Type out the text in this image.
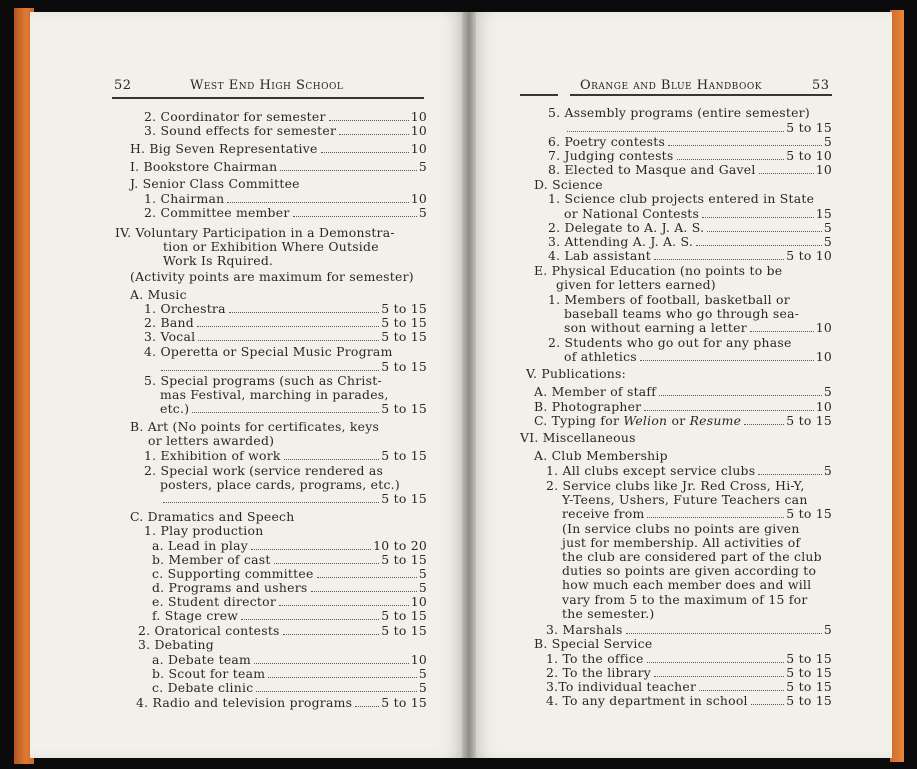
52	West End High School	Orange and Blue Handbook	53
2. Coordinator for semester	10
3. Sound effects for semester	10
H. Big Seven Representative	10
I. Bookstore Chairman	5
J. Senior Class Committee
1. Chairman	10
2. Committee member	5
IV. Voluntary Participation in a Demonstra-
tion or Exhibition Where Outside
Work Is Rquired.
(Activity points are maximum for semester)
A. Music
1. Orchestra	5 to 15
2. Band	5 to 15
3. Vocal	5 to 15
4. Operetta or Special Music Program
5 to 15
5. Special programs (such as Christ-
mas Festival, marching in parades,
etc.)	5 to 15
B. Art (No points for certificates, keys
or letters awarded)
1. Exhibition of work	5 to 15
2. Special work (service rendered as
posters, place cards, programs, etc.)
5 to 15
C. Dramatics and Speech
1. Play production
a. Lead in play	10 to 20
b. Member of cast	5 to 15
c. Supporting committee	5
d. Programs and ushers	5
e. Student director	10
f. Stage crew	5 to 15
2. Oratorical contests	5 to 15
3. Debating
a. Debate team	10
b. Scout for team	5
c. Debate clinic	5
4. Radio and television programs 5 to 15
5. Assembly programs (entire semester)
5 to 15
6. Poetry contests	5
7. Judging contests	5 to 10
8. Elected to Masque and Gavel	10
D. Science
1. Science club projects entered in State
or National Contests	15
2. Delegate to A. J. A. S.	5
3. Attending A. J. A. S.	5
4. Lab assistant	5 to 10
E. Physical Education (no points to be
given for letters earned)
1. Members of football, basketball or
baseball teams who go through sea-
son without earning a letter	10
2. Students who go out for any phase
of athletics	10
V. Publications:
A. Member of staff	5
B. Photographer	10
C. Typing for Welion or Resume	5 to 15
VI. Miscellaneous
A. Club Membership
1. All clubs except service clubs	5
2. Service clubs like Jr. Red Cross, Hi-Y,
Y-Teens, Ushers, Future Teachers can
receive from	5 to 15
(In service clubs no points are given
just for membership. All activities of
the club are considered part of the club
duties so points are given according to
how much each member does and will
vary from 5 to the maximum of 15 for
the semester.)
3. Marshals	5
B. Special Service
1. To the office	5 to 15
2. To the library	5 to 15
3.To individual teacher	5 to 15
4. To any department in school	5 to 15
